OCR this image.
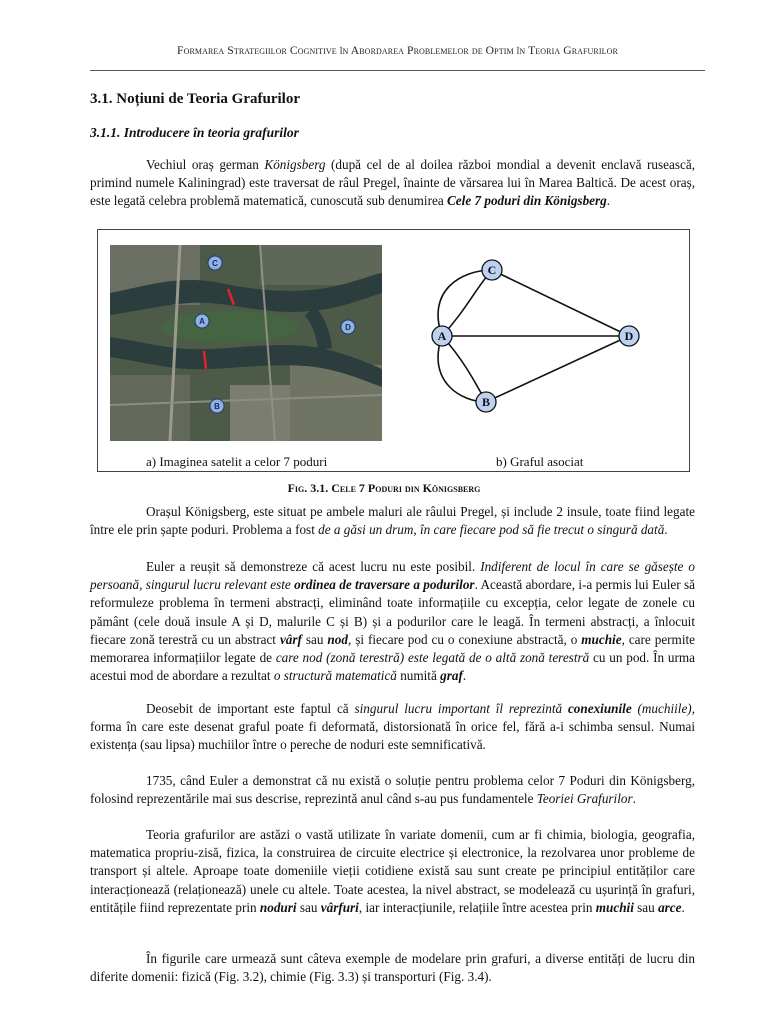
Formarea Strategiilor Cognitive în Abordarea Problemelor de Optim în Teoria Grafurilor
3.1. Noțiuni de Teoria Grafurilor
3.1.1. Introducere în teoria grafurilor

Vechiul oraș german Königsberg (după cel de al doilea război mondial a devenit enclavă rusească, primind numele Kaliningrad) este traversat de râul Pregel, înainte de vărsarea lui în Marea Baltică. De acest oraș, este legată celebra problemă matematică, cunoscută sub denumirea Cele 7 poduri din Königsberg.

C
A
D
B
C
A	D
B
a) Imaginea satelit a celor 7 poduri	b) Graful asociat
Fig. 3.1. Cele 7 Poduri din Königsberg

Orașul Königsberg, este situat pe ambele maluri ale râului Pregel, și include 2 insule, toate fiind legate între ele prin șapte poduri. Problema a fost de a găsi un drum, în care fiecare pod să fie trecut o singură dată.

Euler a reușit să demonstreze că acest lucru nu este posibil. Indiferent de locul în care se găsește o persoană, singurul lucru relevant este ordinea de traversare a podurilor. Această abordare, i-a permis lui Euler să reformuleze problema în termeni abstracți, eliminând toate informațiile cu excepția, celor legate de zonele cu pământ (cele două insule A și D, malurile C și B) și a podurilor care le leagă. În termeni abstracți, a înlocuit fiecare zonă terestră cu un abstract vârf sau nod, și fiecare pod cu o conexiune abstractă, o muchie, care permite memorarea informațiilor legate de care nod (zonă terestră) este legată de o altă zonă terestră cu un pod. În urma acestui mod de abordare a rezultat o structură matematică numită graf.

Deosebit de important este faptul că singurul lucru important îl reprezintă conexiunile (muchiile), forma în care este desenat graful poate fi deformată, distorsionată în orice fel, fără a-i schimba sensul. Numai existența (sau lipsa) muchiilor între o pereche de noduri este semnificativă.

1735, când Euler a demonstrat că nu există o soluție pentru problema celor 7 Poduri din Königsberg, folosind reprezentările mai sus descrise, reprezintă anul când s-au pus fundamentele Teoriei Grafurilor.

Teoria grafurilor are astăzi o vastă utilizate în variate domenii, cum ar fi chimia, biologia, geografia, matematica propriu-zisă, fizica, la construirea de circuite electrice și electronice, la rezolvarea unor probleme de transport și altele. Aproape toate domeniile vieții cotidiene există sau sunt create pe principiul entităților care interacționează (relaționează) unele cu altele. Toate acestea, la nivel abstract, se modelează cu ușurință în grafuri, entitățile fiind reprezentate prin noduri sau vârfuri, iar interacțiunile, relațiile între acestea prin muchii sau arce.

În figurile care urmează sunt câteva exemple de modelare prin grafuri, a diverse entități de lucru din diferite domenii: fizică (Fig. 3.2), chimie (Fig. 3.3) și transporturi (Fig. 3.4).
